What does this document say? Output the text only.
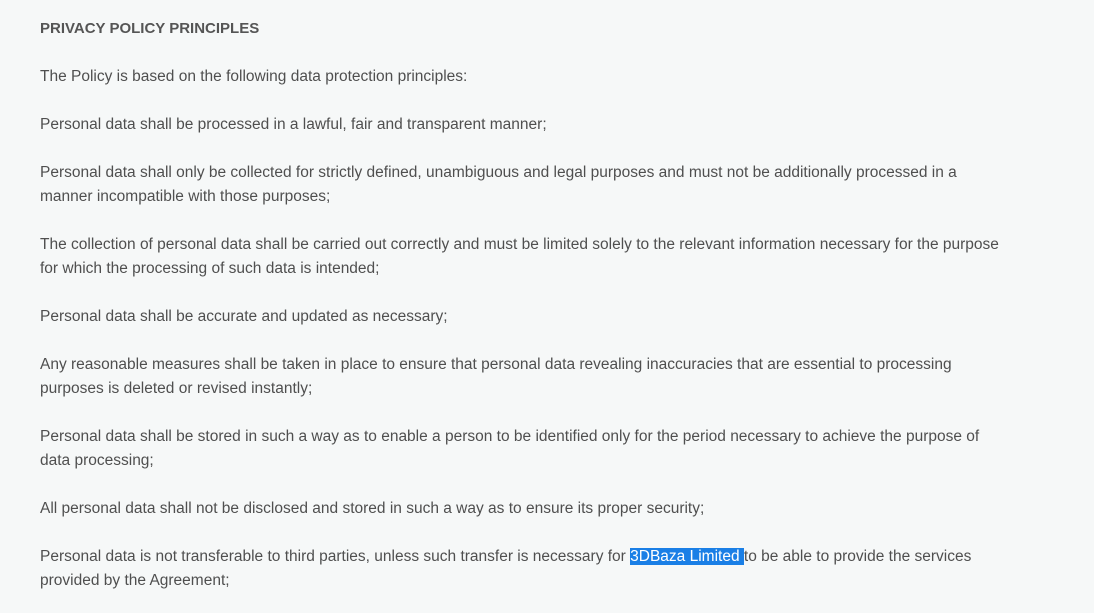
PRIVACY POLICY PRINCIPLES
The Policy is based on the following data protection principles:
Personal data shall be processed in a lawful, fair and transparent manner;
Personal data shall only be collected for strictly defined, unambiguous and legal purposes and must not be additionally processed in a manner incompatible with those purposes;
The collection of personal data shall be carried out correctly and must be limited solely to the relevant information necessary for the purpose for which the processing of such data is intended;
Personal data shall be accurate and updated as necessary;
Any reasonable measures shall be taken in place to ensure that personal data revealing inaccuracies that are essential to processing purposes is deleted or revised instantly;
Personal data shall be stored in such a way as to enable a person to be identified only for the period necessary to achieve the purpose of data processing;
All personal data shall not be disclosed and stored in such a way as to ensure its proper security;
Personal data is not transferable to third parties, unless such transfer is necessary for 3DBaza Limited to be able to provide the services provided by the Agreement;
